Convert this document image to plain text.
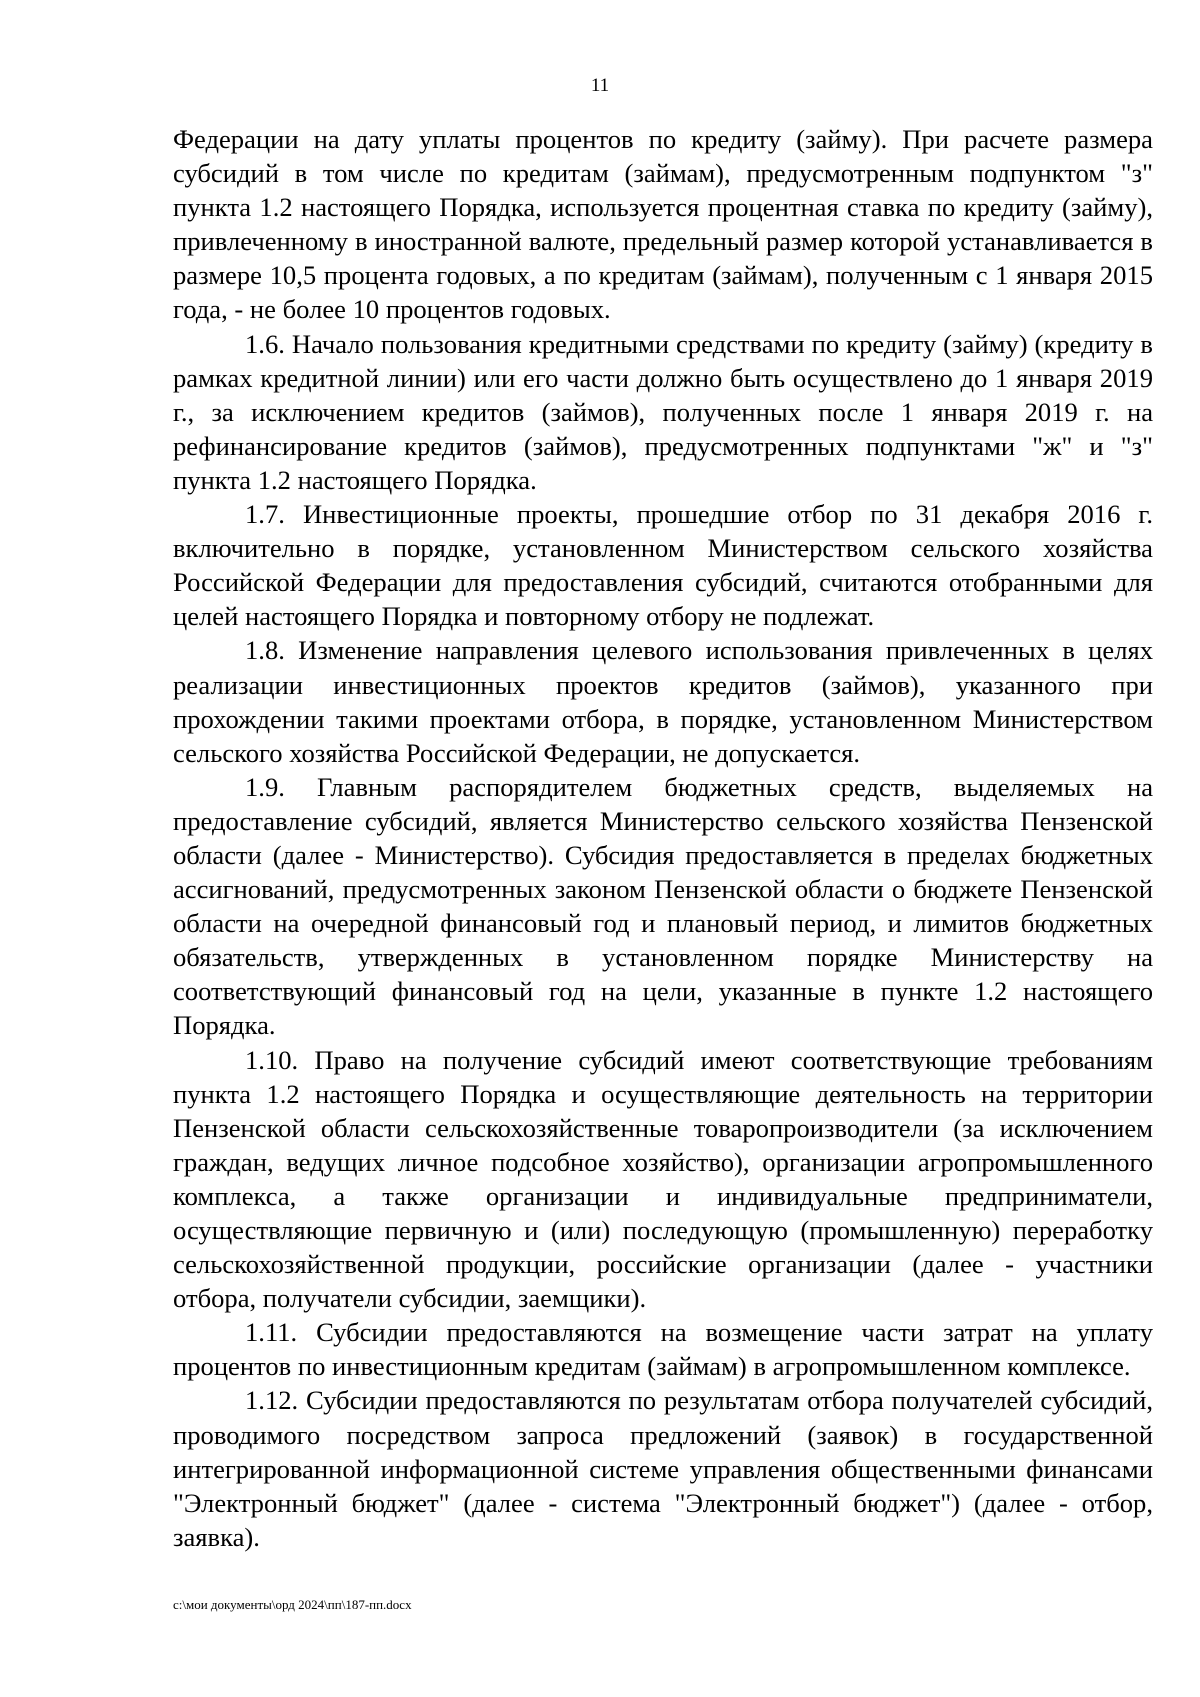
11

Федерации на дату уплаты процентов по кредиту (займу). При расчете размера субсидий в том числе по кредитам (займам), предусмотренным подпунктом "з" пункта 1.2 настоящего Порядка, используется процентная ставка по кредиту (займу), привлеченному в иностранной валюте, предельный размер которой устанавливается в размере 10,5 процента годовых, а по кредитам (займам), полученным с 1 января 2015 года, - не более 10 процентов годовых.

1.6. Начало пользования кредитными средствами по кредиту (займу) (кредиту в рамках кредитной линии) или его части должно быть осуществлено до 1 января 2019 г., за исключением кредитов (займов), полученных после 1 января 2019 г. на рефинансирование кредитов (займов), предусмотренных подпунктами "ж" и "з" пункта 1.2 настоящего Порядка.

1.7. Инвестиционные проекты, прошедшие отбор по 31 декабря 2016 г. включительно в порядке, установленном Министерством сельского хозяйства Российской Федерации для предоставления субсидий, считаются отобранными для целей настоящего Порядка и повторному отбору не подлежат.

1.8. Изменение направления целевого использования привлеченных в целях реализации инвестиционных проектов кредитов (займов), указанного при прохождении такими проектами отбора, в порядке, установленном Министерством сельского хозяйства Российской Федерации, не допускается.

1.9. Главным распорядителем бюджетных средств, выделяемых на предоставление субсидий, является Министерство сельского хозяйства Пензенской области (далее - Министерство). Субсидия предоставляется в пределах бюджетных ассигнований, предусмотренных законом Пензенской области о бюджете Пензенской области на очередной финансовый год и плановый период, и лимитов бюджетных обязательств, утвержденных в установленном порядке Министерству на соответствующий финансовый год на цели, указанные в пункте 1.2 настоящего Порядка.

1.10. Право на получение субсидий имеют соответствующие требованиям пункта 1.2 настоящего Порядка и осуществляющие деятельность на территории Пензенской области сельскохозяйственные товаропроизводители (за исключением граждан, ведущих личное подсобное хозяйство), организации агропромышленного комплекса, а также организации и индивидуальные предприниматели, осуществляющие первичную и (или) последующую (промышленную) переработку сельскохозяйственной продукции, российские организации (далее - участники отбора, получатели субсидии, заемщики).

1.11. Субсидии предоставляются на возмещение части затрат на уплату процентов по инвестиционным кредитам (займам) в агропромышленном комплексе.

1.12. Субсидии предоставляются по результатам отбора получателей субсидий, проводимого посредством запроса предложений (заявок) в государственной интегрированной информационной системе управления общественными финансами "Электронный бюджет" (далее - система "Электронный бюджет") (далее - отбор, заявка).

c:\мои документы\орд 2024\пп\187-пп.docx
